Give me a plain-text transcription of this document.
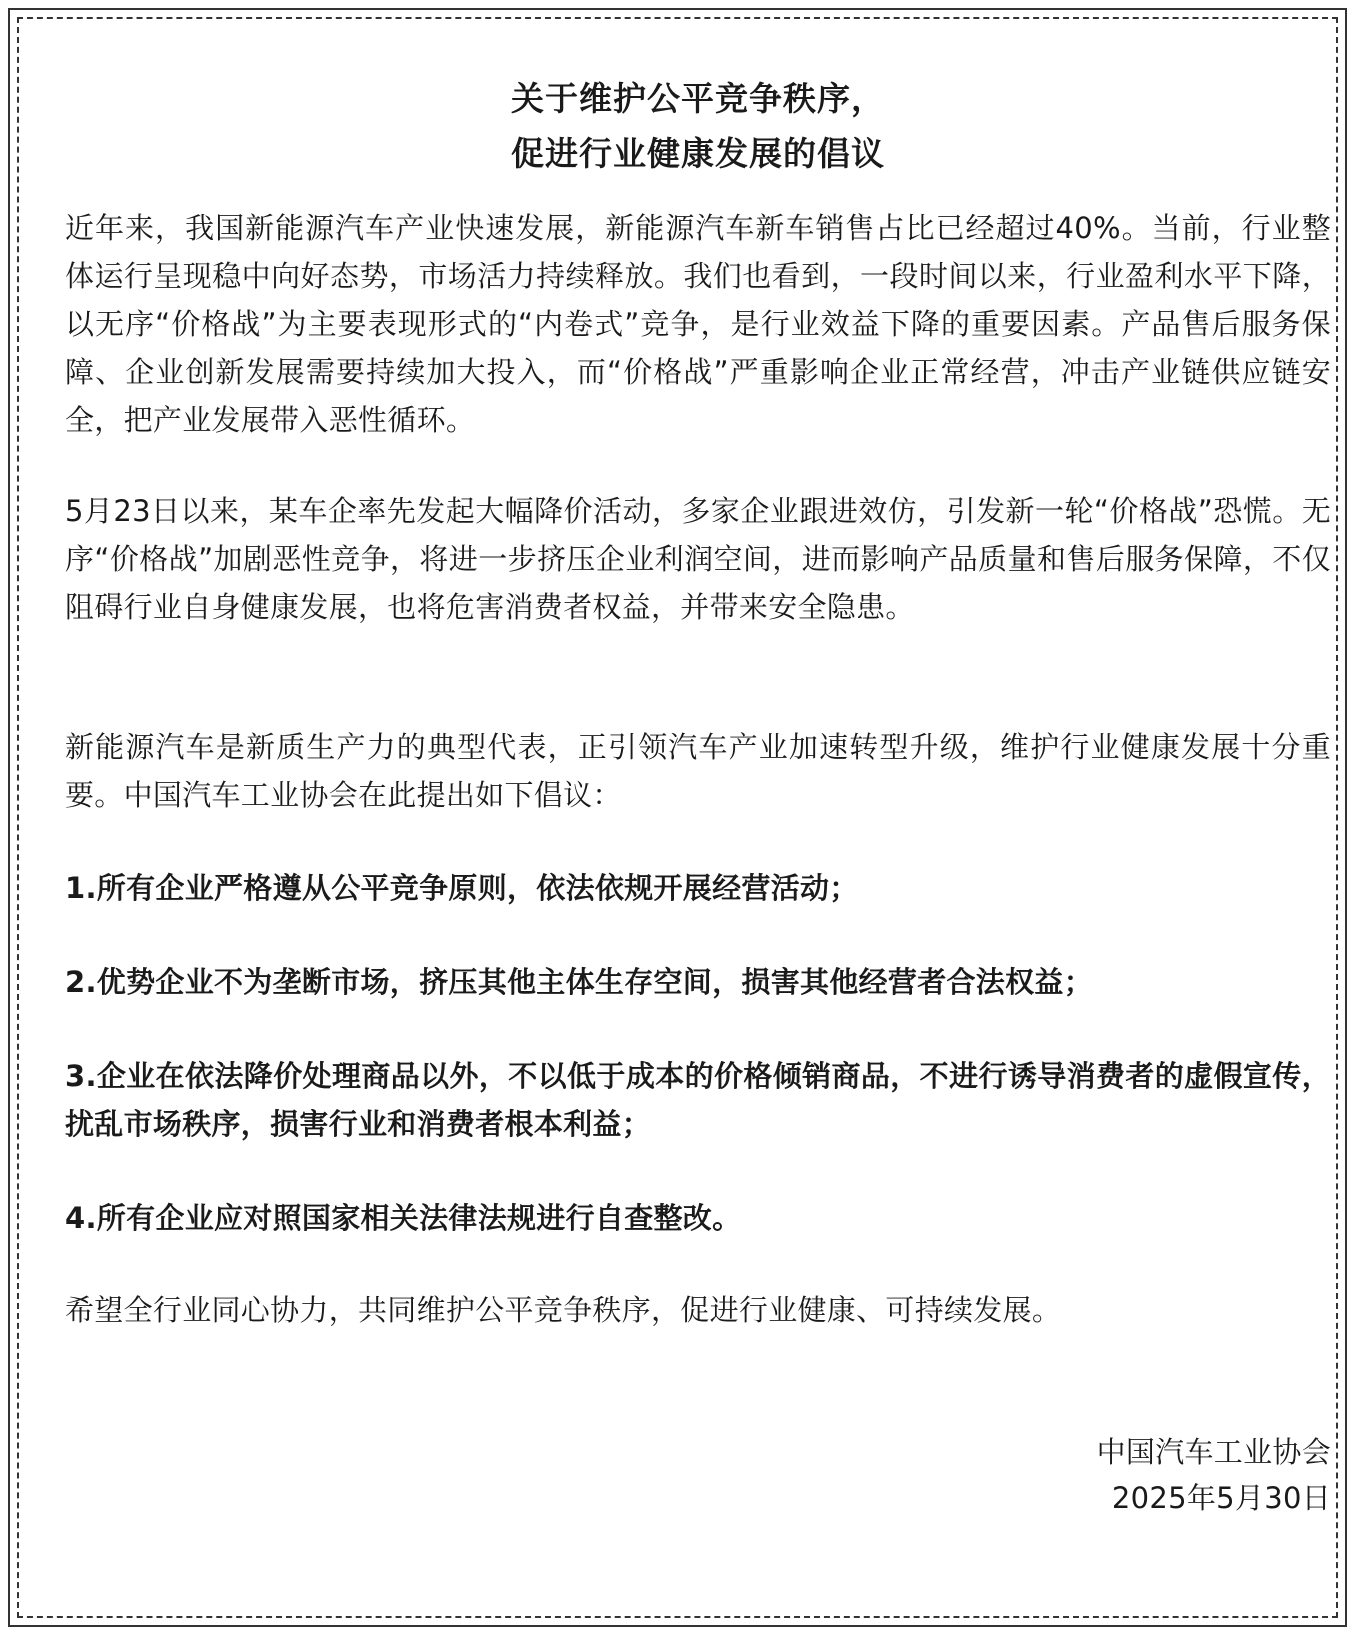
关于维护公平竞争秩序，
促进行业健康发展的倡议

近年来，我国新能源汽车产业快速发展，新能源汽车新车销售占比已经超过40%。当前，行业整体运行呈现稳中向好态势，市场活力持续释放。我们也看到，一段时间以来，行业盈利水平下降，以无序“价格战”为主要表现形式的“内卷式”竞争，是行业效益下降的重要因素。产品售后服务保障、企业创新发展需要持续加大投入，而“价格战”严重影响企业正常经营，冲击产业链供应链安全，把产业发展带入恶性循环。

5月23日以来，某车企率先发起大幅降价活动，多家企业跟进效仿，引发新一轮“价格战”恐慌。无序“价格战”加剧恶性竞争，将进一步挤压企业利润空间，进而影响产品质量和售后服务保障，不仅阻碍行业自身健康发展，也将危害消费者权益，并带来安全隐患。

新能源汽车是新质生产力的典型代表，正引领汽车产业加速转型升级，维护行业健康发展十分重要。中国汽车工业协会在此提出如下倡议：

1.所有企业严格遵从公平竞争原则，依法依规开展经营活动；

2.优势企业不为垄断市场，挤压其他主体生存空间，损害其他经营者合法权益；

3.企业在依法降价处理商品以外，不以低于成本的价格倾销商品，不进行诱导消费者的虚假宣传，扰乱市场秩序，损害行业和消费者根本利益；

4.所有企业应对照国家相关法律法规进行自查整改。

希望全行业同心协力，共同维护公平竞争秩序，促进行业健康、可持续发展。

中国汽车工业协会
2025年5月30日
